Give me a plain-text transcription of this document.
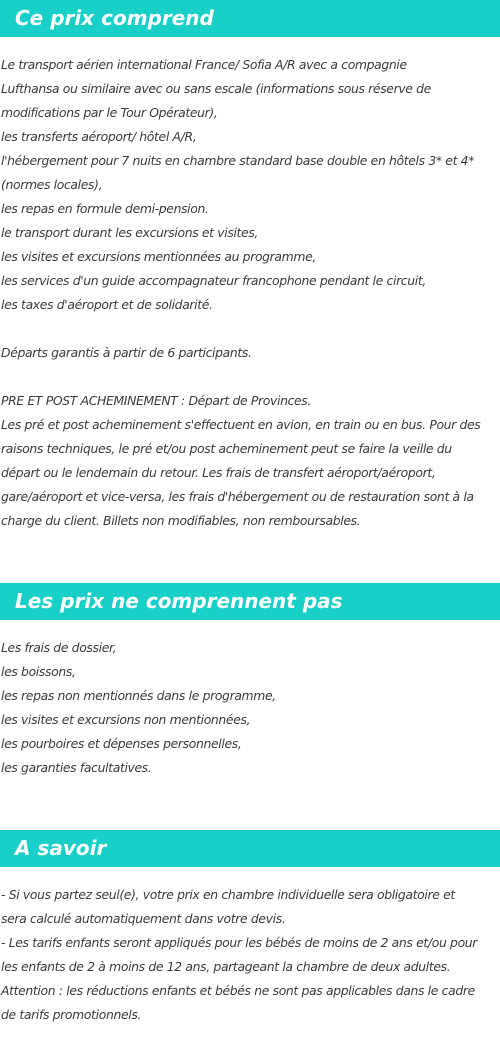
Ce prix comprend
Le transport aérien international France/ Sofia A/R avec a compagnie
Lufthansa ou similaire avec ou sans escale (informations sous réserve de
modifications par le Tour Opérateur),
les transferts aéroport/ hôtel A/R,
l'hébergement pour 7 nuits en chambre standard base double en hôtels 3* et 4*
(normes locales),
les repas en formule demi-pension.
le transport durant les excursions et visites,
les visites et excursions mentionnées au programme,
les services d'un guide accompagnateur francophone pendant le circuit,
les taxes d'aéroport et de solidarité.
Départs garantis à partir de 6 participants.
PRE ET POST ACHEMINEMENT : Départ de Provinces.
Les pré et post acheminement s'effectuent en avion, en train ou en bus. Pour des
raisons techniques, le pré et/ou post acheminement peut se faire la veille du
départ ou le lendemain du retour. Les frais de transfert aéroport/aéroport,
gare/aéroport et vice-versa, les frais d'hébergement ou de restauration sont à la
charge du client. Billets non modifiables, non remboursables.
Les prix ne comprennent pas
Les frais de dossier,
les boissons,
les repas non mentionnés dans le programme,
les visites et excursions non mentionnées,
les pourboires et dépenses personnelles,
les garanties facultatives.
A savoir
- Si vous partez seul(e), votre prix en chambre individuelle sera obligatoire et
sera calculé automatiquement dans votre devis.
- Les tarifs enfants seront appliqués pour les bébés de moins de 2 ans et/ou pour
les enfants de 2 à moins de 12 ans, partageant la chambre de deux adultes.
Attention : les réductions enfants et bébés ne sont pas applicables dans le cadre
de tarifs promotionnels.
